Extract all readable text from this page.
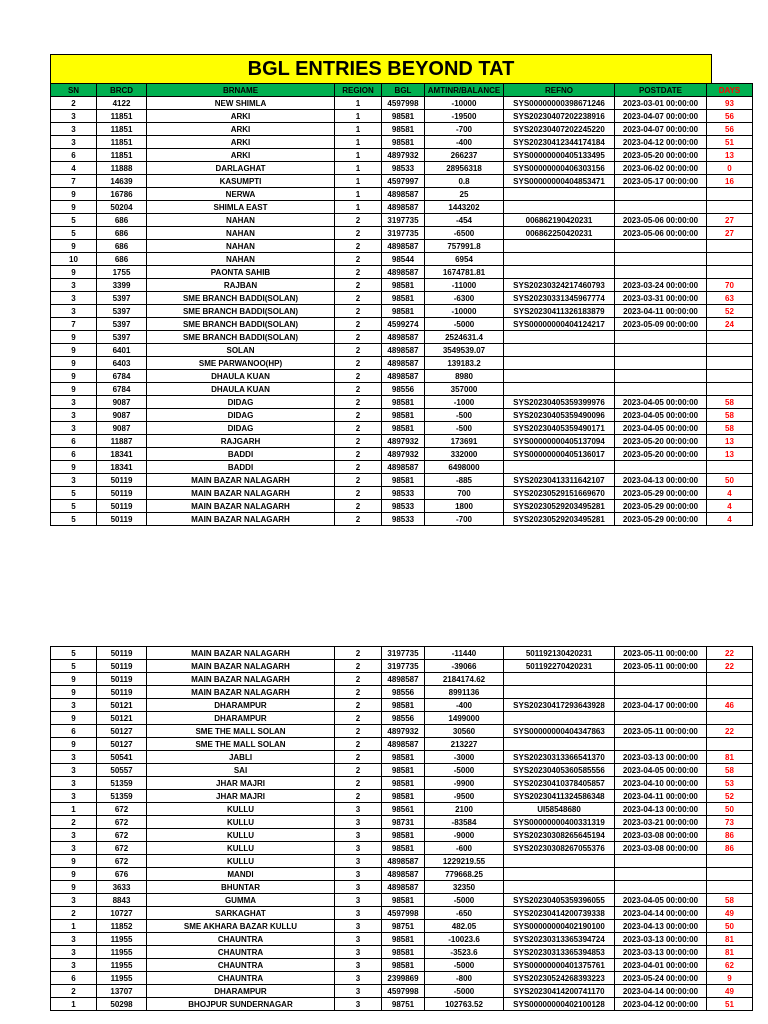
BGL ENTRIES BEYOND TAT
SN	BRCD	BRNAME	REGION	BGL	AMTINR/BALANCE	REFNO	POSTDATE	DAYS
2	4122	NEW SHIMLA	1	4597998	-10000	SYS00000000398671246	2023-03-01 00:00:00	93
3	11851	ARKI	1	98581	-19500	SYS20230407202238916	2023-04-07 00:00:00	56
3	11851	ARKI	1	98581	-700	SYS20230407202245220	2023-04-07 00:00:00	56
3	11851	ARKI	1	98581	-400	SYS20230412344174184	2023-04-12 00:00:00	51
6	11851	ARKI	1	4897932	266237	SYS00000000405133495	2023-05-20 00:00:00	13
4	11888	DARLAGHAT	1	98533	28956318	SYS00000000406303156	2023-06-02 00:00:00	0
7	14639	KASUMPTI	1	4597997	0.8	SYS00000000404853471	2023-05-17 00:00:00	16
9	16786	NERWA	1	4898587	25			
9	50204	SHIMLA EAST	1	4898587	1443202			
5	686	NAHAN	2	3197735	-454	006862190420231	2023-05-06 00:00:00	27
5	686	NAHAN	2	3197735	-6500	006862250420231	2023-05-06 00:00:00	27
9	686	NAHAN	2	4898587	757991.8			
10	686	NAHAN	2	98544	6954			
9	1755	PAONTA SAHIB	2	4898587	1674781.81			
3	3399	RAJBAN	2	98581	-11000	SYS20230324217460793	2023-03-24 00:00:00	70
3	5397	SME BRANCH BADDI(SOLAN)	2	98581	-6300	SYS20230331345967774	2023-03-31 00:00:00	63
3	5397	SME BRANCH BADDI(SOLAN)	2	98581	-10000	SYS20230411326183879	2023-04-11 00:00:00	52
7	5397	SME BRANCH BADDI(SOLAN)	2	4599274	-5000	SYS00000000404124217	2023-05-09 00:00:00	24
9	5397	SME BRANCH BADDI(SOLAN)	2	4898587	2524631.4			
9	6401	SOLAN	2	4898587	3549539.07			
9	6403	SME PARWANOO(HP)	2	4898587	139183.2			
9	6784	DHAULA KUAN	2	4898587	8980			
9	6784	DHAULA KUAN	2	98556	357000			
3	9087	DIDAG	2	98581	-1000	SYS20230405359399976	2023-04-05 00:00:00	58
3	9087	DIDAG	2	98581	-500	SYS20230405359490096	2023-04-05 00:00:00	58
3	9087	DIDAG	2	98581	-500	SYS20230405359490171	2023-04-05 00:00:00	58
6	11887	RAJGARH	2	4897932	173691	SYS00000000405137094	2023-05-20 00:00:00	13
6	18341	BADDI	2	4897932	332000	SYS00000000405136017	2023-05-20 00:00:00	13
9	18341	BADDI	2	4898587	6498000			
3	50119	MAIN BAZAR NALAGARH	2	98581	-885	SYS20230413311642107	2023-04-13 00:00:00	50
5	50119	MAIN BAZAR NALAGARH	2	98533	700	SYS20230529151669670	2023-05-29 00:00:00	4
5	50119	MAIN BAZAR NALAGARH	2	98533	1800	SYS20230529203495281	2023-05-29 00:00:00	4
5	50119	MAIN BAZAR NALAGARH	2	98533	-700	SYS20230529203495281	2023-05-29 00:00:00	4
5	50119	MAIN BAZAR NALAGARH	2	3197735	-11440	501192130420231	2023-05-11 00:00:00	22
5	50119	MAIN BAZAR NALAGARH	2	3197735	-39066	501192270420231	2023-05-11 00:00:00	22
9	50119	MAIN BAZAR NALAGARH	2	4898587	2184174.62			
9	50119	MAIN BAZAR NALAGARH	2	98556	8991136			
3	50121	DHARAMPUR	2	98581	-400	SYS20230417293643928	2023-04-17 00:00:00	46
9	50121	DHARAMPUR	2	98556	1499000			
6	50127	SME THE MALL SOLAN	2	4897932	30560	SYS00000000404347863	2023-05-11 00:00:00	22
9	50127	SME THE MALL SOLAN	2	4898587	213227			
3	50541	JABLI	2	98581	-3000	SYS20230313366541370	2023-03-13 00:00:00	81
3	50557	SAI	2	98581	-5000	SYS20230405360585556	2023-04-05 00:00:00	58
3	51359	JHAR MAJRI	2	98581	-9900	SYS20230410378405857	2023-04-10 00:00:00	53
3	51359	JHAR MAJRI	2	98581	-9500	SYS20230411324586348	2023-04-11 00:00:00	52
1	672	KULLU	3	98561	2100	UI58548680	2023-04-13 00:00:00	50
2	672	KULLU	3	98731	-83584	SYS00000000400331319	2023-03-21 00:00:00	73
3	672	KULLU	3	98581	-9000	SYS20230308265645194	2023-03-08 00:00:00	86
3	672	KULLU	3	98581	-600	SYS20230308267055376	2023-03-08 00:00:00	86
9	672	KULLU	3	4898587	1229219.55			
9	676	MANDI	3	4898587	779668.25			
9	3633	BHUNTAR	3	4898587	32350			
3	8843	GUMMA	3	98581	-5000	SYS20230405359396055	2023-04-05 00:00:00	58
2	10727	SARKAGHAT	3	4597998	-650	SYS20230414200739338	2023-04-14 00:00:00	49
1	11852	SME AKHARA BAZAR KULLU	3	98751	482.05	SYS00000000402190100	2023-04-13 00:00:00	50
3	11955	CHAUNTRA	3	98581	-10023.6	SYS20230313365394724	2023-03-13 00:00:00	81
3	11955	CHAUNTRA	3	98581	-3523.6	SYS20230313365394853	2023-03-13 00:00:00	81
3	11955	CHAUNTRA	3	98581	-5000	SYS00000000401375761	2023-04-01 00:00:00	62
6	11955	CHAUNTRA	3	2399869	-800	SYS20230524268393223	2023-05-24 00:00:00	9
2	13707	DHARAMPUR	3	4597998	-5000	SYS20230414200741170	2023-04-14 00:00:00	49
1	50298	BHOJPUR SUNDERNAGAR	3	98751	102763.52	SYS00000000402100128	2023-04-12 00:00:00	51
